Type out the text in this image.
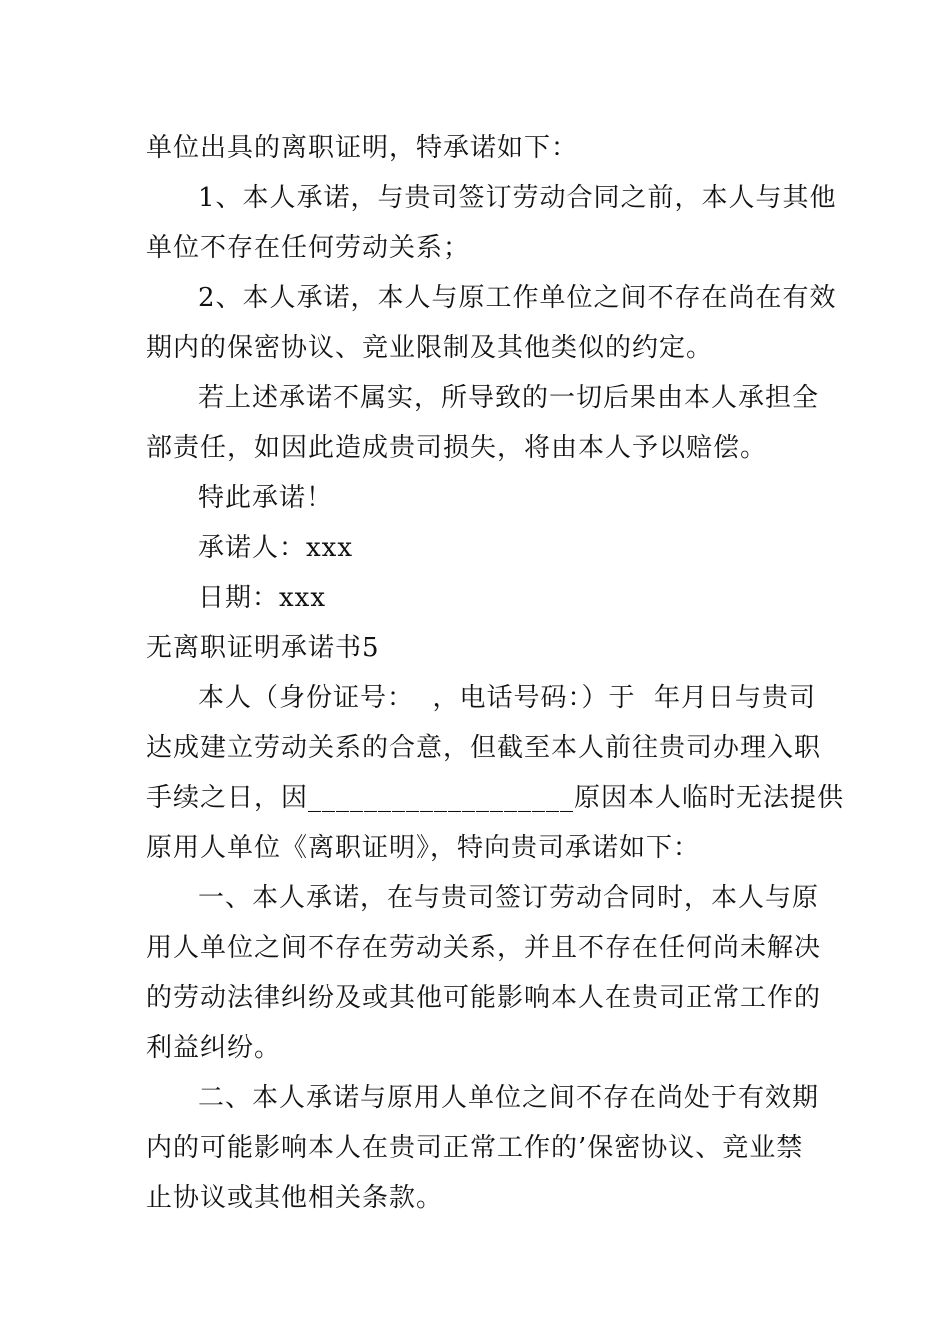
单位出具的离职证明，特承诺如下：
1、本人承诺，与贵司签订劳动合同之前，本人与其他
单位不存在任何劳动关系；
2、本人承诺，本人与原工作单位之间不存在尚在有效
期内的保密协议、竞业限制及其他类似的约定。
若上述承诺不属实，所导致的一切后果由本人承担全
部责任，如因此造成贵司损失，将由本人予以赔偿。
特此承诺！
承诺人：xxx
日期：xxx
无离职证明承诺书5
本人（身份证号：  ，电话号码：）于  年月日与贵司
达成建立劳动关系的合意，但截至本人前往贵司办理入职
手续之日，因___________________原因本人临时无法提供
原用人单位《离职证明》，特向贵司承诺如下：
一、本人承诺，在与贵司签订劳动合同时，本人与原
用人单位之间不存在劳动关系，并且不存在任何尚未解决
的劳动法律纠纷及或其他可能影响本人在贵司正常工作的
利益纠纷。
二、本人承诺与原用人单位之间不存在尚处于有效期
内的可能影响本人在贵司正常工作的’保密协议、竞业禁
止协议或其他相关条款。
